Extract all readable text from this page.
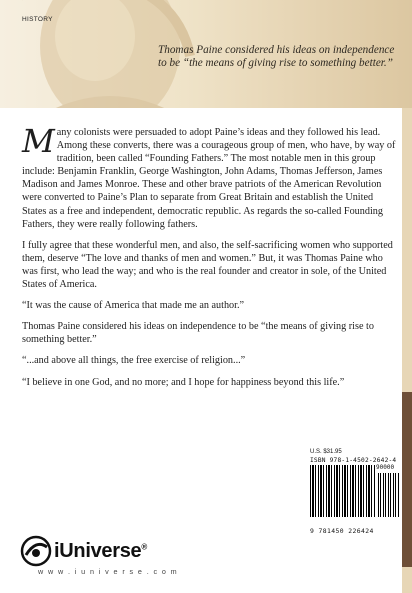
HISTORY
Thomas Paine considered his ideas on independence to be “the means of giving rise to something better.”

Many colonists were persuaded to adopt Paine’s ideas and they followed his lead. Among these converts, there was a courageous group of men, who have, by way of tradition, been called “Founding Fathers.” The most notable men in this group include: Benjamin Franklin, George Washington, John Adams, Thomas Jefferson, James Madison and James Monroe. These and other brave patriots of the American Revolution were converted to Paine’s Plan to separate from Great Britain and establish the United States as a free and independent, democratic republic. As regards the so-called Founding Fathers, they were really following fathers.

I fully agree that these wonderful men, and also, the self-sacrificing women who supported them, deserve “The love and thanks of men and women.” But, it was Thomas Paine who was first, who lead the way; and who is the real founder and creator in sole, of the United States of America.

“It was the cause of America that made me an author.”

Thomas Paine considered his ideas on independence to be “the means of giving rise to something better.”

“...and above all things, the free exercise of religion...”

“I believe in one God, and no more; and I hope for happiness beyond this life.”

U.S. $31.95
ISBN 978-1-4502-2642-4
90000
9 781450 226424
iUniverse®
w w w . i u n i v e r s e . c o m
